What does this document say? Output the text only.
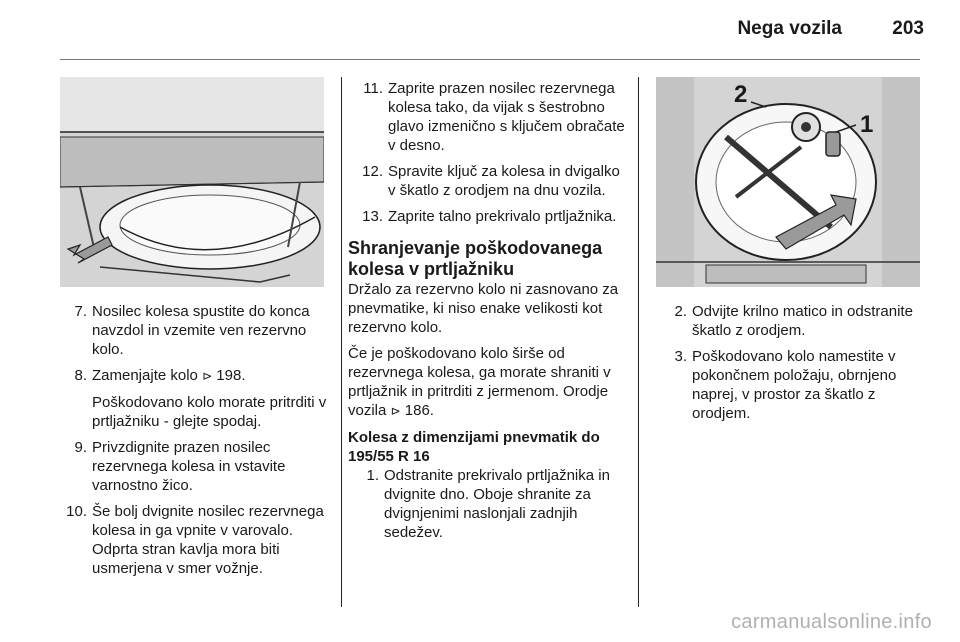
Nega vozila	203
1
2
7. Nosilec kolesa spustite do konca navzdol in vzemite ven rezervno kolo.
8. Zamenjajte kolo ⊳ 198.
Poškodovano kolo morate pritrditi v prtljažniku - glejte spodaj.
9. Privzdignite prazen nosilec rezervnega kolesa in vstavite varnostno žico.
10. Še bolj dvignite nosilec rezervnega kolesa in ga vpnite v varovalo. Odprta stran kavlja mora biti usmerjena v smer vožnje.
11. Zaprite prazen nosilec rezervnega kolesa tako, da vijak s šestrobno glavo izmenično s ključem obračate v desno.
12. Spravite ključ za kolesa in dvigalko v škatlo z orodjem na dnu vozila.
13. Zaprite talno prekrivalo prtljažnika.
Shranjevanje poškodovanega kolesa v prtljažniku

Držalo za rezervno kolo ni zasnovano za pnevmatike, ki niso enake velikosti kot rezervno kolo.

Če je poškodovano kolo širše od rezervnega kolesa, ga morate shraniti v prtljažnik in pritrditi z jermenom. Orodje vozila ⊳ 186.

Kolesa z dimenzijami pnevmatik do 195/55 R 16
1. Odstranite prekrivalo prtljažnika in dvignite dno. Oboje shranite za dvignjenimi naslonjali zadnjih sedežev.
2. Odvijte krilno matico in odstranite škatlo z orodjem.
3. Poškodovano kolo namestite v pokončnem položaju, obrnjeno naprej, v prostor za škatlo z orodjem.
carmanualsonline.info
